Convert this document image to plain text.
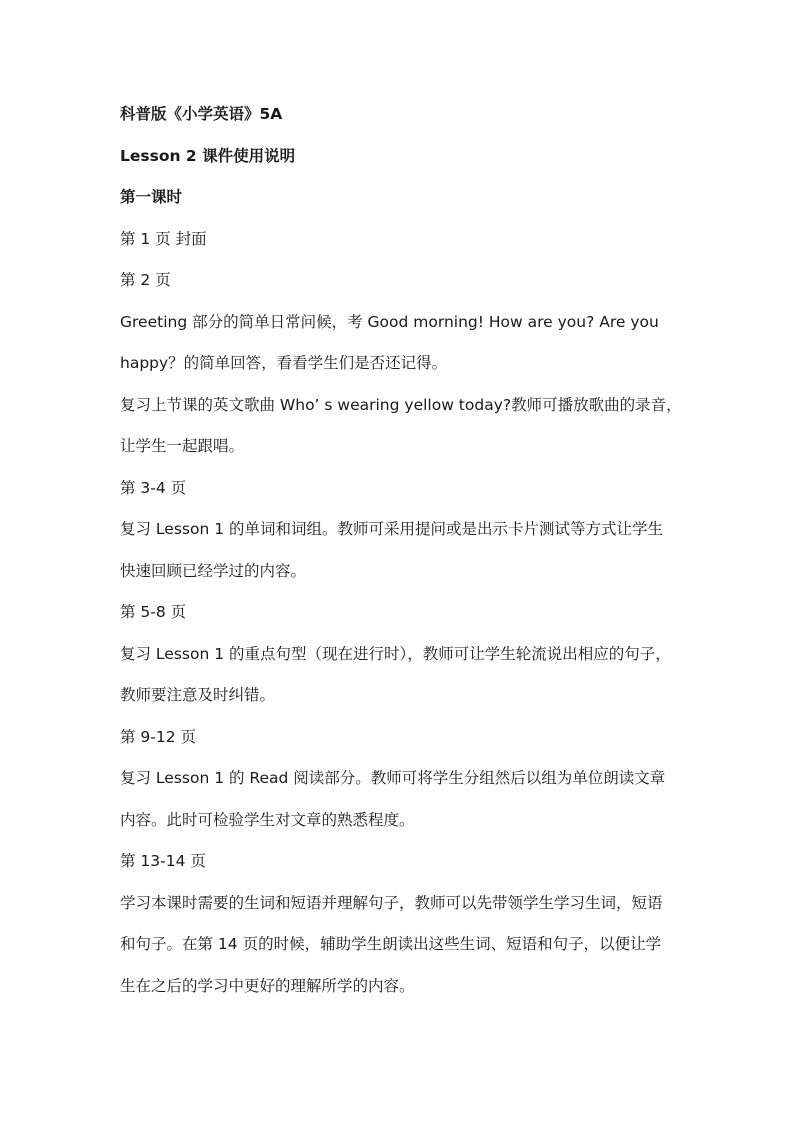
科普版《小学英语》5A

Lesson 2 课件使用说明

第一课时

第 1 页 封面

第 2 页

Greeting 部分的简单日常问候，考 Good morning! How are you? Are you

happy？的简单回答，看看学生们是否还记得。

复习上节课的英文歌曲 Who’ s wearing yellow today?教师可播放歌曲的录音，

让学生一起跟唱。

第 3-4 页

复习 Lesson 1 的单词和词组。教师可采用提问或是出示卡片测试等方式让学生

快速回顾已经学过的内容。

第 5-8 页

复习 Lesson 1 的重点句型（现在进行时），教师可让学生轮流说出相应的句子，

教师要注意及时纠错。

第 9-12 页

复习 Lesson 1 的 Read 阅读部分。教师可将学生分组然后以组为单位朗读文章

内容。此时可检验学生对文章的熟悉程度。

第 13-14 页

学习本课时需要的生词和短语并理解句子，教师可以先带领学生学习生词，短语

和句子。在第 14 页的时候，辅助学生朗读出这些生词、短语和句子，以便让学

生在之后的学习中更好的理解所学的内容。
